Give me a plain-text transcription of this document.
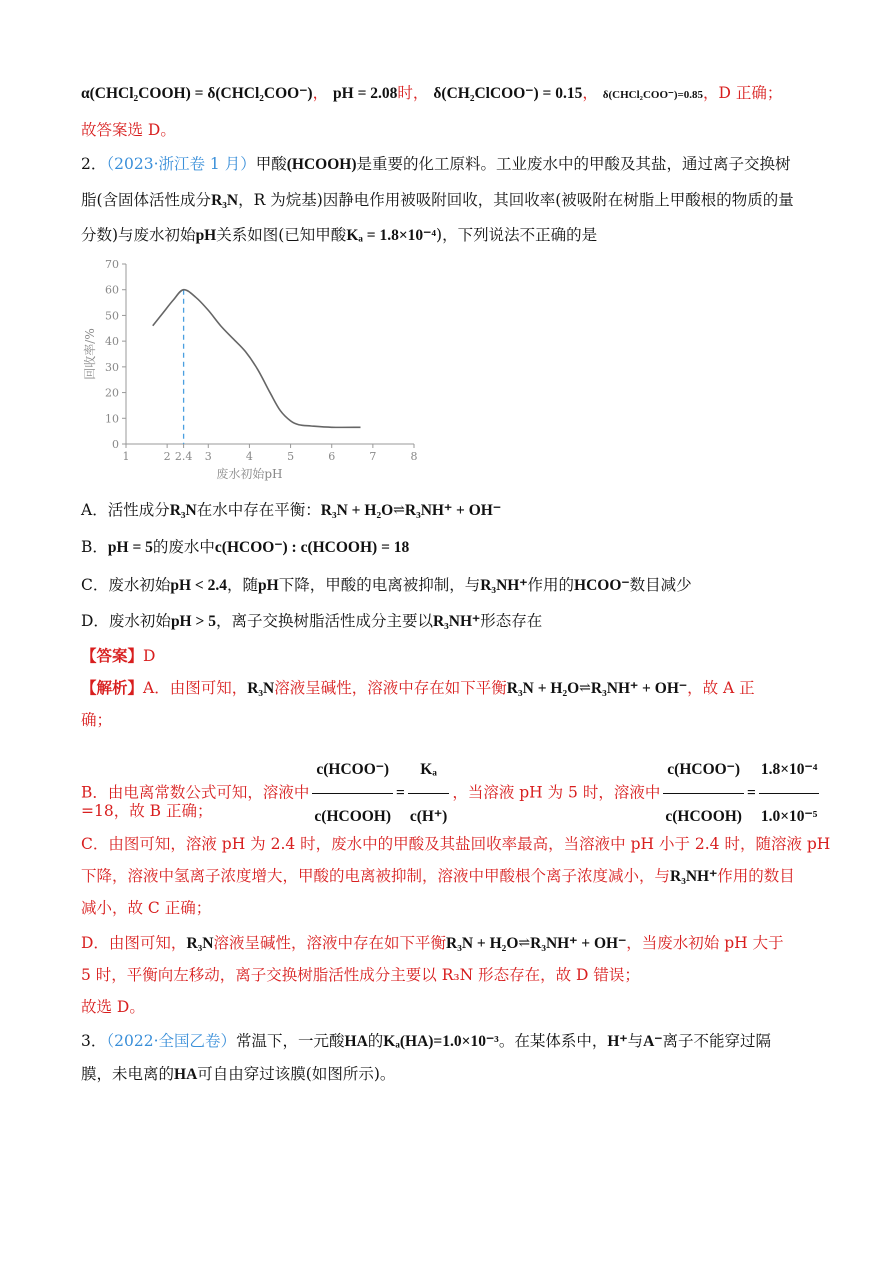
α(CHCl₂COOH) = δ(CHCl₂COO⁻)， pH = 2.08时， δ(CH₂ClCOO⁻) = 0.15， δ(CHCl₂COO⁻)=0.85，D 正确；
故答案选 D。
2．（2023·浙江卷 1 月）甲酸(HCOOH)是重要的化工原料。工业废水中的甲酸及其盐，通过离子交换树
脂(含固体活性成分R₃N，R 为烷基)因静电作用被吸附回收，其回收率(被吸附在树脂上甲酸根的物质的量
分数)与废水初始pH关系如图(已知甲酸Kₐ = 1.8×10⁻⁴)，下列说法不正确的是
1	2 2.4 3	4	5	6	7	8
0
10
20
30
40
50
60
70
废水初始pH
回收率/%
A．活性成分R₃N在水中存在平衡：R₃N + H₂O⇌R₃NH⁺ + OH⁻
B．pH = 5的废水中c(HCOO⁻) : c(HCOOH) = 18
C．废水初始pH < 2.4，随pH下降，甲酸的电离被抑制，与R₃NH⁺作用的HCOO⁻数目减少
D．废水初始pH > 5，离子交换树脂活性成分主要以R₃NH⁺形态存在
【答案】D
【解析】A．由图可知，R₃N溶液呈碱性，溶液中存在如下平衡R₃N + H₂O⇌R₃NH⁺ + OH⁻，故 A 正
确；
B．由电离常数公式可知，溶液中 $\frac{\text{c(HCOO⁻)}}{\text{c(HCOOH)}} = \frac{\text{Kₐ}}{c(H^+)}$ ，当溶液 pH 为 5 时，溶液中 $\frac{\text{c(HCOO⁻)}}{\text{c(HCOOH)}} = \frac{\text{1.8×10⁻⁴}}{\text{1.0×10⁻⁵}}$
=18，故 B 正确；
C．由图可知，溶液 pH 为 2.4 时，废水中的甲酸及其盐回收率最高，当溶液中 pH 小于 2.4 时，随溶液 pH
下降，溶液中氢离子浓度增大，甲酸的电离被抑制，溶液中甲酸根个离子浓度减小，与R₃NH⁺作用的数目
减小，故 C 正确；
D．由图可知，R₃N溶液呈碱性，溶液中存在如下平衡R₃N + H₂O⇌R₃NH⁺ + OH⁻，当废水初始 pH 大于
5 时，平衡向左移动，离子交换树脂活性成分主要以 R₃N 形态存在，故 D 错误；
故选 D。
3．（2022·全国乙卷）常温下，一元酸HA的Kₐ(HA)=1.0×10⁻³。在某体系中，H⁺与A⁻离子不能穿过隔
膜，未电离的HA可自由穿过该膜(如图所示)。
